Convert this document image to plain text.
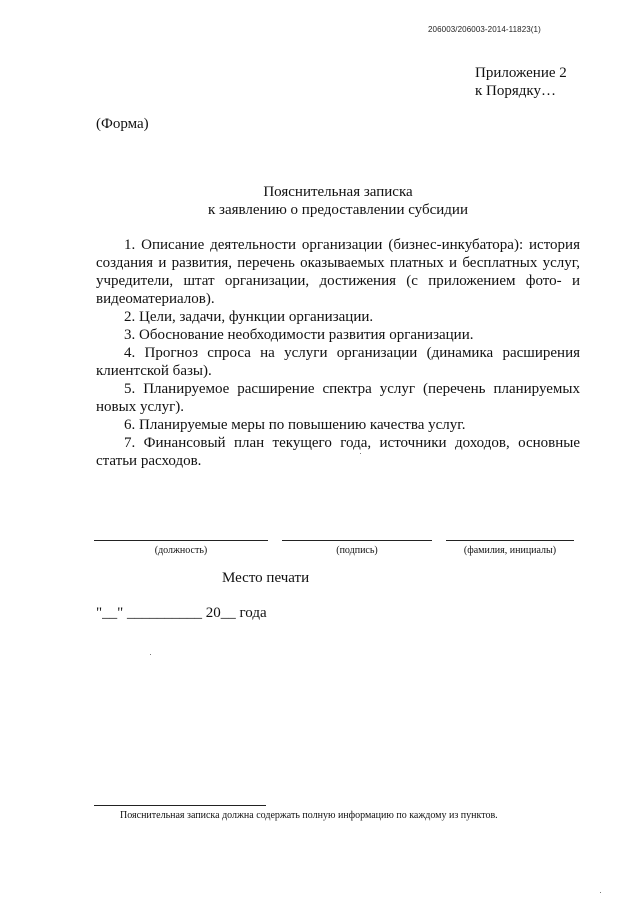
206003/206003-2014-11823(1)
Приложение 2
к Порядку…
(Форма)
Пояснительная записка
к заявлению о предоставлении субсидии

1. Описание деятельности организации (бизнес-инкубатора): история создания и развития, перечень оказываемых платных и бесплатных услуг, учредители, штат организации, достижения (с приложением фото- и видеоматериалов).

2. Цели, задачи, функции организации.

3. Обоснование необходимости развития организации.

4. Прогноз спроса на услуги организации (динамика расширения клиентской базы).

5. Планируемое расширение спектра услуг (перечень планируемых новых услуг).

6. Планируемые меры по повышению качества услуг.

7. Финансовый план текущего года, источники доходов, основные статьи расходов.

(должность)	(подпись)	(фамилия, инициалы)
Место печати
"__" __________ 20__ года
Пояснительная записка должна содержать полную информацию по каждому из пунктов.
